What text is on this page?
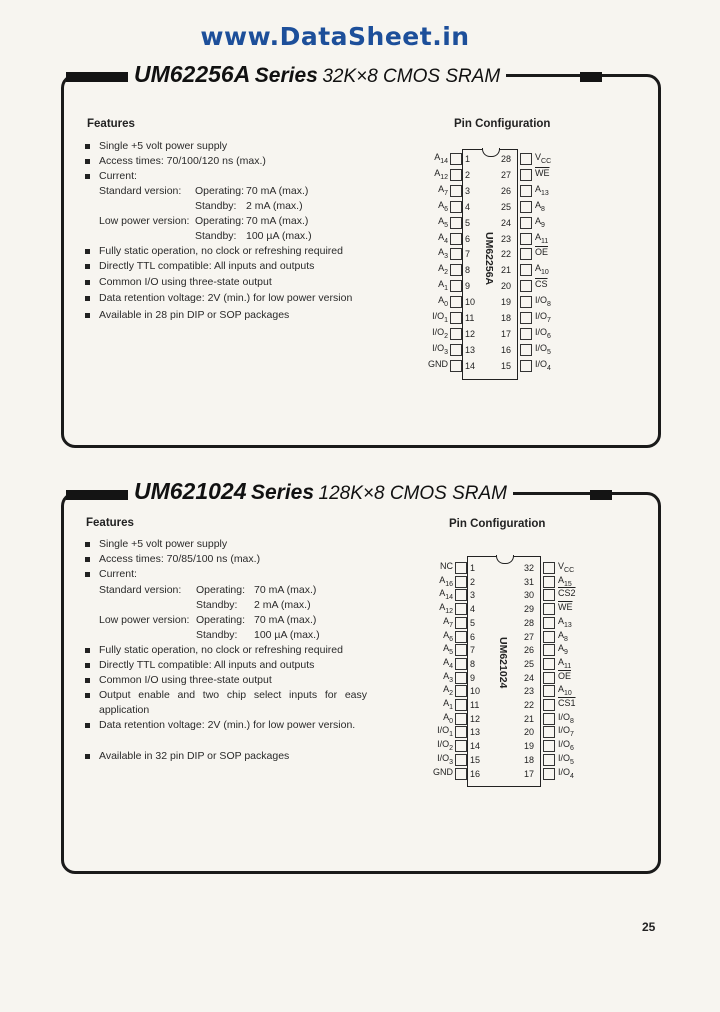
www.DataSheet.in
UM62256A Series 32K×8 CMOS SRAM
Features	Pin Configuration
Single +5 volt power supply
Access times: 70/100/120 ns (max.)
Current:
Standard version: Operating: 70 mA (max.)
Standby: 2 mA (max.)
Low power version: Operating: 70 mA (max.)
Standby: 100 µA (max.)
Fully static operation, no clock or refreshing required
Directly TTL compatible: All inputs and outputs
Common I/O using three-state output
Data retention voltage: 2V (min.) for low power version
Available in 28 pin DIP or SOP packages
UM62256A
$A_{14}$ 1
$A_{12}$ 2
$A_7$ 3
$A_6$ 4
$A_5$ 5
$A_4$ 6
$A_3$ 7
$A_2$ 8
$A_1$ 9
$A_0$ 10
$I/O_1$ 11
$I/O_2$ 12
$I/O_3$ 13
GND 14
28	$V_{CC}$
27	$\overline{WE}$
26	$A_{13}$
25	$A_8$
24	$A_9$
23	$A_{11}$
22	$\overline{OE}$
21	$A_{10}$
20	$\overline{CS}$
19	$I/O_8$
18	$I/O_7$
17	$I/O_6$
16	$I/O_5$
15	$I/O_4$
UM621024 Series 128K×8 CMOS SRAM
Features	Pin Configuration
Single +5 volt power supply
Access times: 70/85/100 ns (max.)
Current:
Standard version: Operating: 70 mA (max.)
Standby: 2 mA (max.)
Low power version: Operating: 70 mA (max.)
Standby: 100 µA (max.)
Fully static operation, no clock or refreshing required
Directly TTL compatible: All inputs and outputs
Common I/O using three-state output
Output enable and two chip select inputs for easy application
Data retention voltage: 2V (min.) for low power version.
Available in 32 pin DIP or SOP packages
UM621024
NC 1
$A_{16}$ 2
$A_{14}$ 3
$A_{12}$ 4
$A_7$ 5
$A_6$ 6
$A_5$ 7
$A_4$ 8
$A_3$ 9
$A_2$ 10
$A_1$ 11
$A_0$ 12
$I/O_1$ 13
$I/O_2$ 14
$I/O_3$ 15
GND 16
32	$V_{CC}$
31	$A_{15}$
30	CS2
29	$\overline{WE}$
28	$A_{13}$
27	$A_8$
26	$A_9$
25	$A_{11}$
24	$\overline{OE}$
23	$A_{10}$
22	CS1
21	$I/O_8$
20	$I/O_7$
19	$I/O_6$
18	$I/O_5$
17	$I/O_4$
25
